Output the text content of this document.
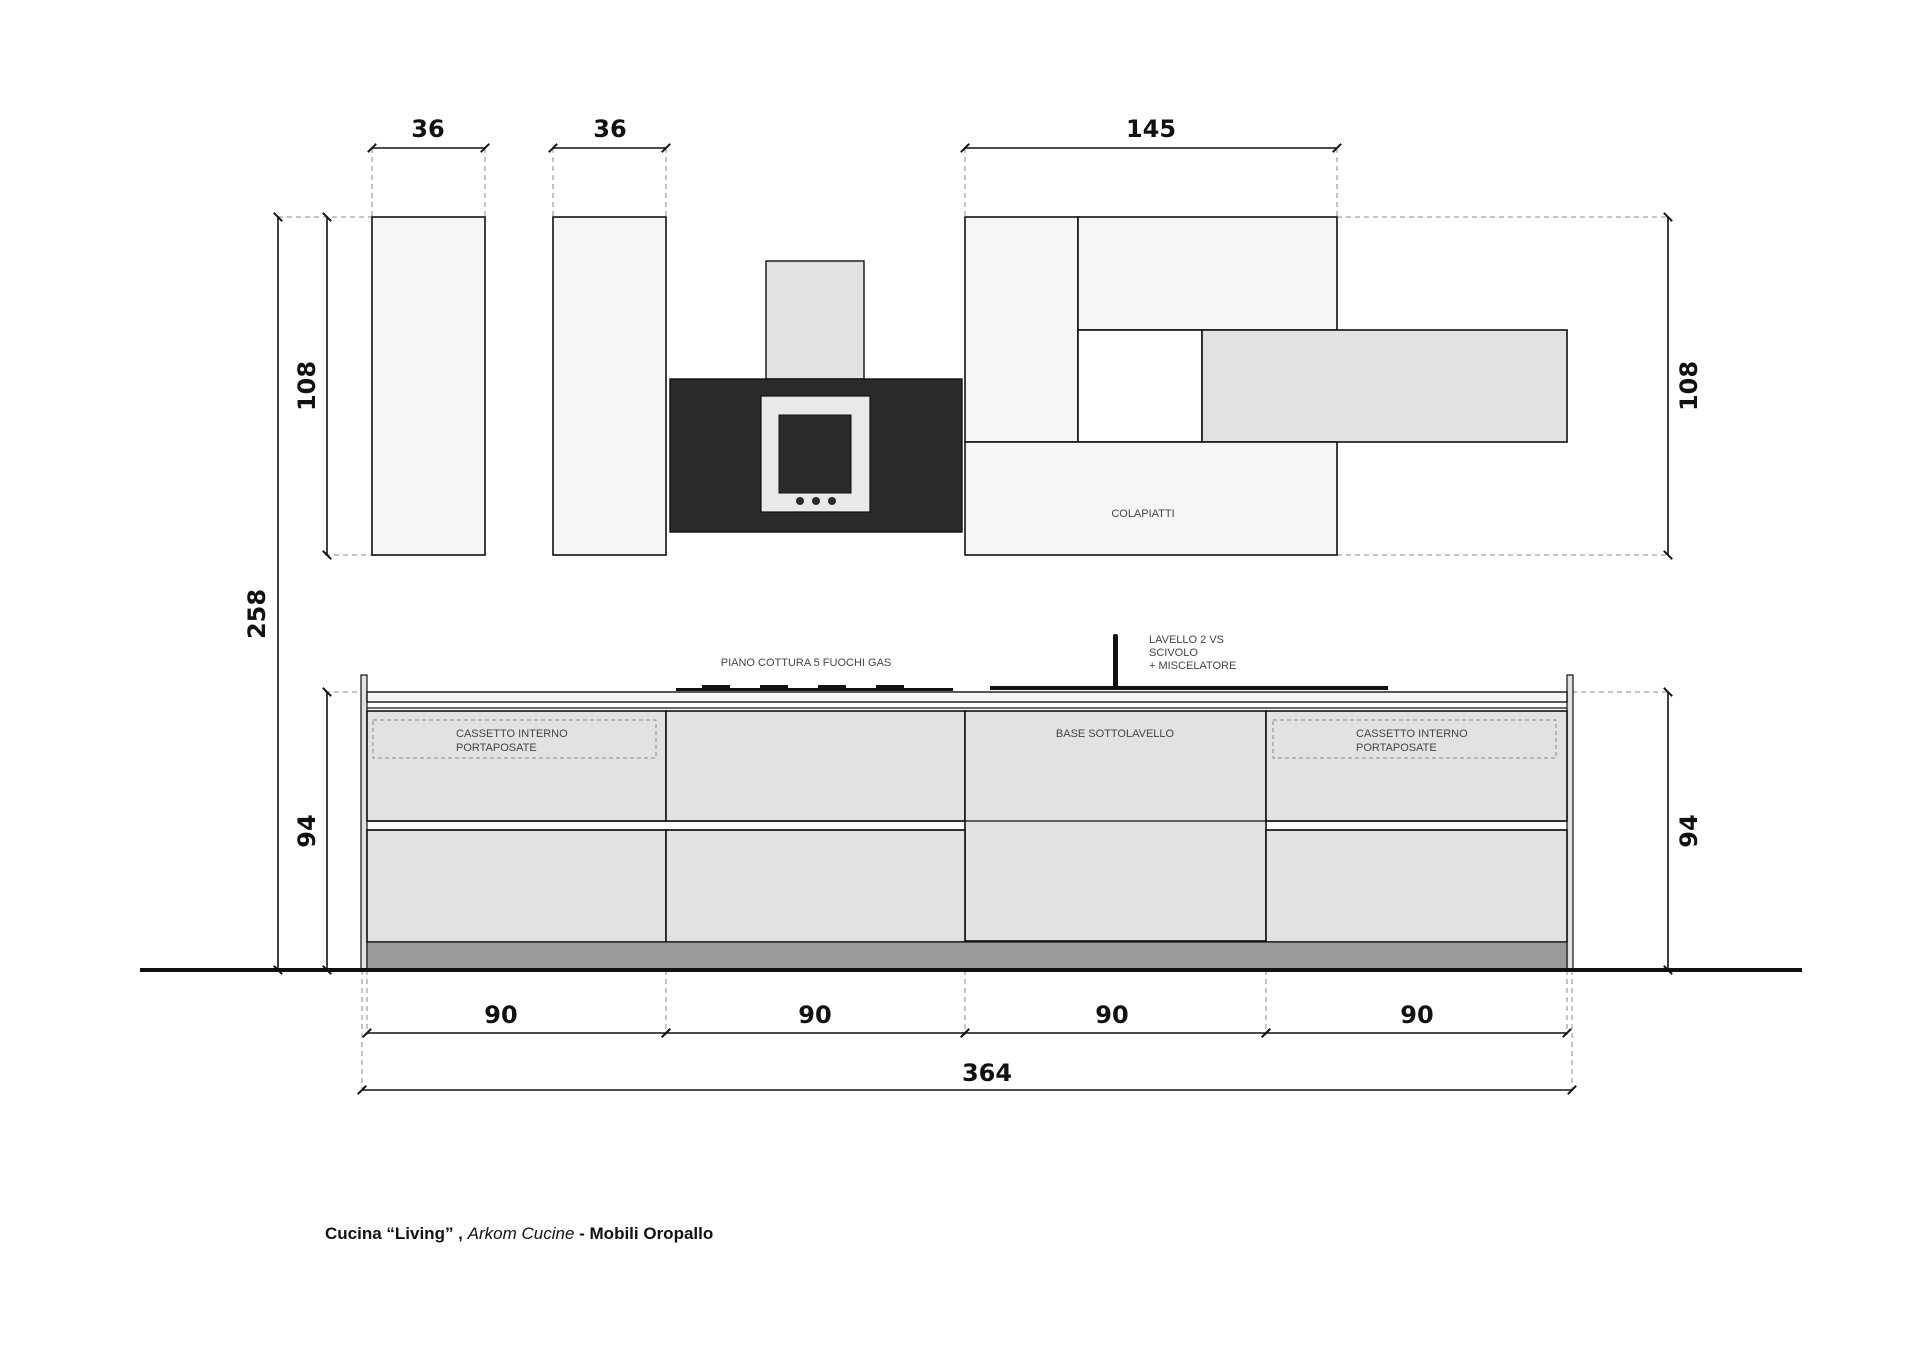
COLAPIATTI
PIANO COTTURA 5 FUOCHI GAS
LAVELLO 2 VS
SCIVOLO
+ MISCELATORE
CASSETTO INTERNO
PORTAPOSATE
BASE SOTTOLAVELLO	CASSETTO INTERNO
PORTAPOSATE
36	36	145
108	108
258
94	94
90	90	90	90
364
Cucina “Living” , Arkom Cucine - Mobili Oropallo
